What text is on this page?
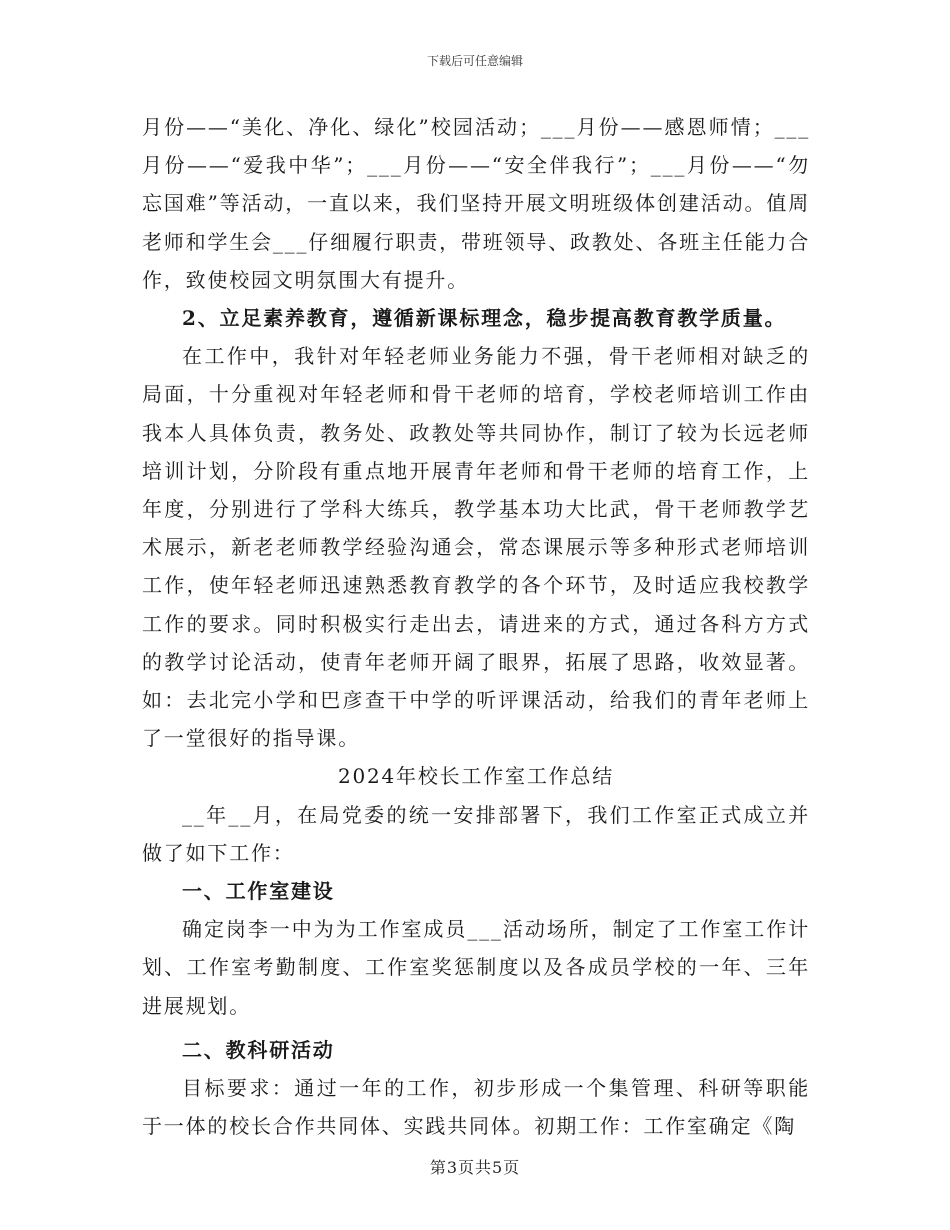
下载后可任意编辑

月份——“美化、净化、绿化”校园活动；___月份——感恩师情；___月份——“爱我中华”；___月份——“安全伴我行”；___月份——“勿忘国难”等活动，一直以来，我们坚持开展文明班级体创建活动。值周老师和学生会___仔细履行职责，带班领导、政教处、各班主任能力合作，致使校园文明氛围大有提升。

2、立足素养教育，遵循新课标理念，稳步提高教育教学质量。

在工作中，我针对年轻老师业务能力不强，骨干老师相对缺乏的局面，十分重视对年轻老师和骨干老师的培育，学校老师培训工作由我本人具体负责，教务处、政教处等共同协作，制订了较为长远老师培训计划，分阶段有重点地开展青年老师和骨干老师的培育工作，上年度，分别进行了学科大练兵，教学基本功大比武，骨干老师教学艺术展示，新老老师教学经验沟通会，常态课展示等多种形式老师培训工作，使年轻老师迅速熟悉教育教学的各个环节，及时适应我校教学工作的要求。同时积极实行走出去，请进来的方式，通过各科方方式的教学讨论活动，使青年老师开阔了眼界，拓展了思路，收效显著。如：去北完小学和巴彦查干中学的听评课活动，给我们的青年老师上了一堂很好的指导课。

2024年校长工作室工作总结

__年__月，在局党委的统一安排部署下，我们工作室正式成立并做了如下工作：

一、工作室建设

确定岗李一中为为工作室成员___活动场所，制定了工作室工作计划、工作室考勤制度、工作室奖惩制度以及各成员学校的一年、三年进展规划。

二、教科研活动

目标要求：通过一年的工作，初步形成一个集管理、科研等职能于一体的校长合作共同体、实践共同体。初期工作：工作室确定《陶

第3页共5页
